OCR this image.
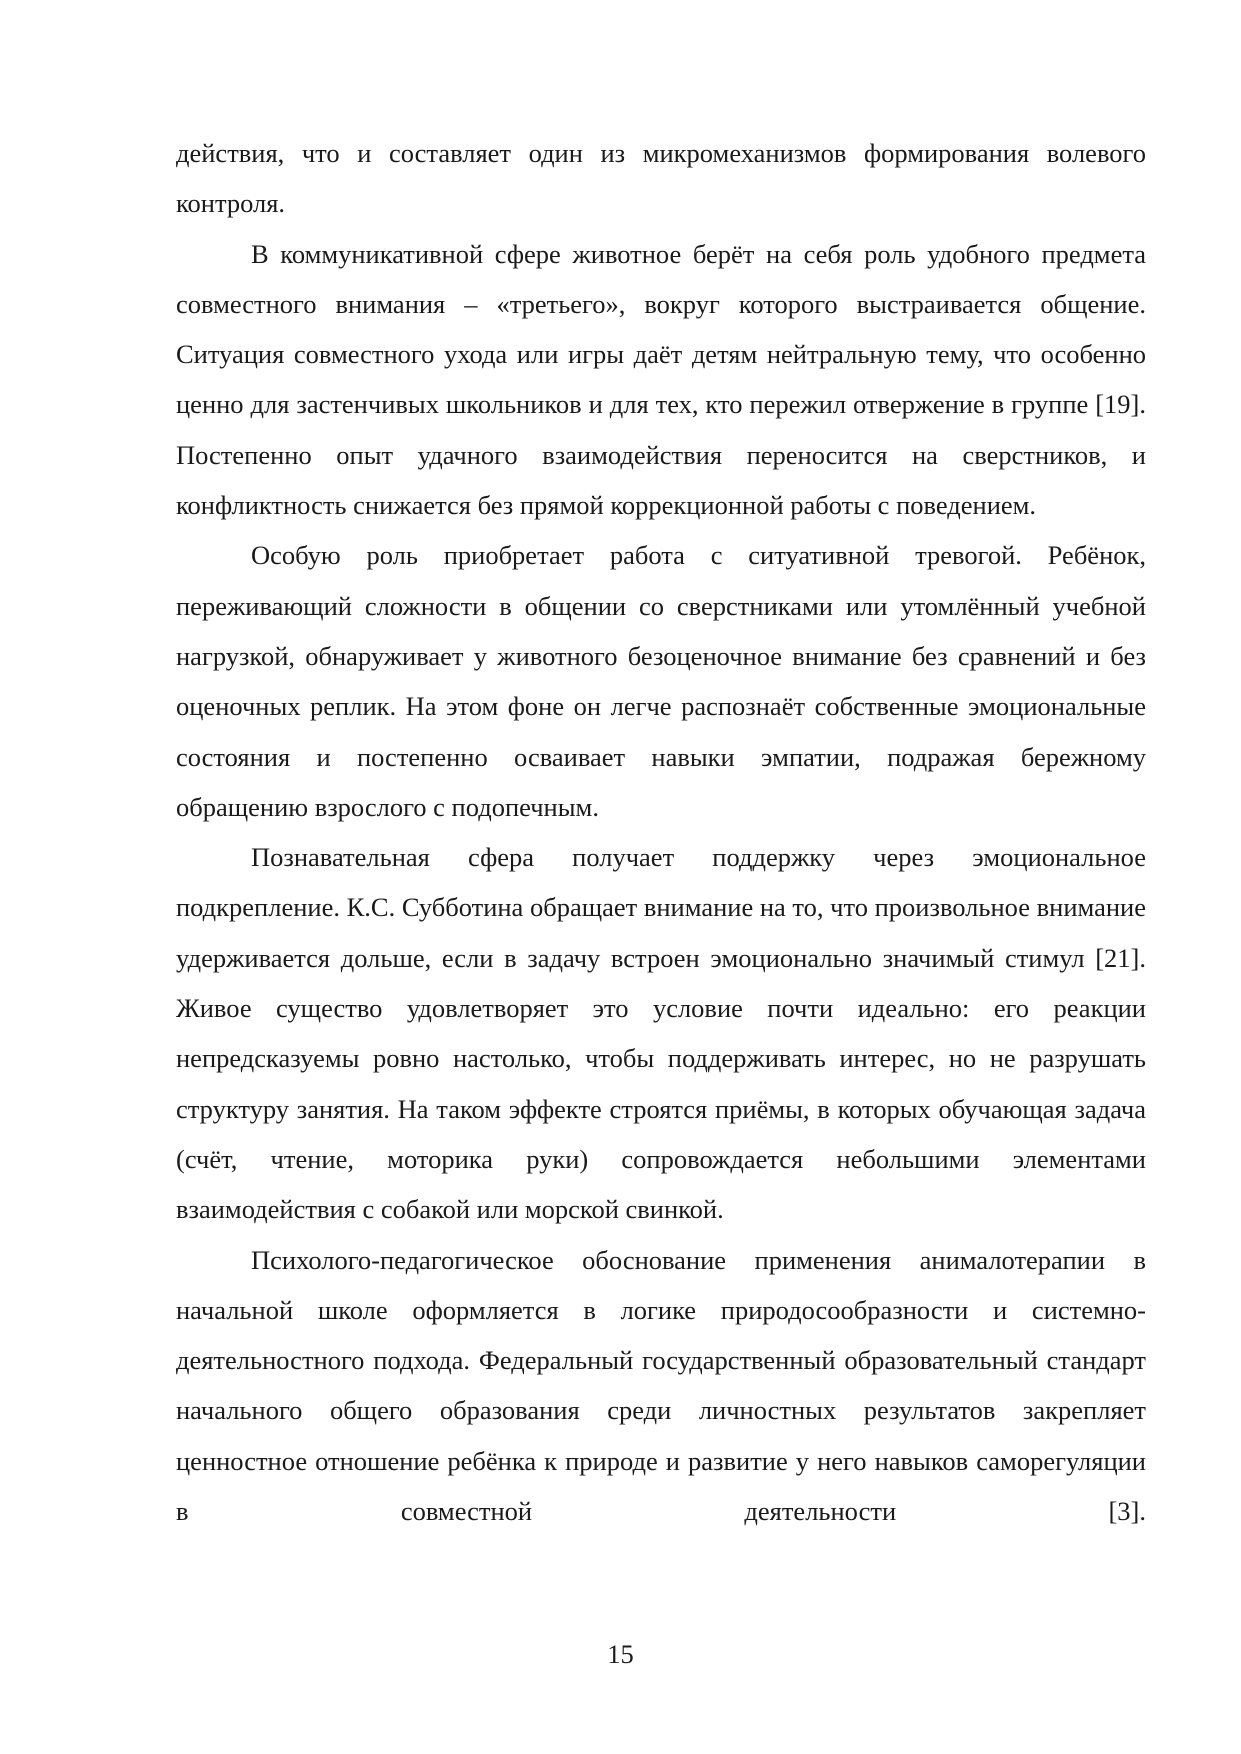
действия, что и составляет один из микромеханизмов формирования волевого контроля.

В коммуникативной сфере животное берёт на себя роль удобного предмета совместного внимания – «третьего», вокруг которого выстраивается общение. Ситуация совместного ухода или игры даёт детям нейтральную тему, что особенно ценно для застенчивых школьников и для тех, кто пережил отвержение в группе [19]. Постепенно опыт удачного взаимодействия переносится на сверстников, и конфликтность снижается без прямой коррекционной работы с поведением.

Особую роль приобретает работа с ситуативной тревогой. Ребёнок, переживающий сложности в общении со сверстниками или утомлённый учебной нагрузкой, обнаруживает у животного безоценочное внимание без сравнений и без оценочных реплик. На этом фоне он легче распознаёт собственные эмоциональные состояния и постепенно осваивает навыки эмпатии, подражая бережному обращению взрослого с подопечным.

Познавательная сфера получает поддержку через эмоциональное подкрепление. К.С. Субботина обращает внимание на то, что произвольное внимание удерживается дольше, если в задачу встроен эмоционально значимый стимул [21]. Живое существо удовлетворяет это условие почти идеально: его реакции непредсказуемы ровно настолько, чтобы поддерживать интерес, но не разрушать структуру занятия. На таком эффекте строятся приёмы, в которых обучающая задача (счёт, чтение, моторика руки) сопровождается небольшими элементами взаимодействия с собакой или морской свинкой.

Психолого-педагогическое обоснование применения анималотерапии в начальной школе оформляется в логике природосообразности и системно-деятельностного подхода. Федеральный государственный образовательный стандарт начального общего образования среди личностных результатов закрепляет ценностное отношение ребёнка к природе и развитие у него навыков саморегуляции в совместной деятельности [3].

15
